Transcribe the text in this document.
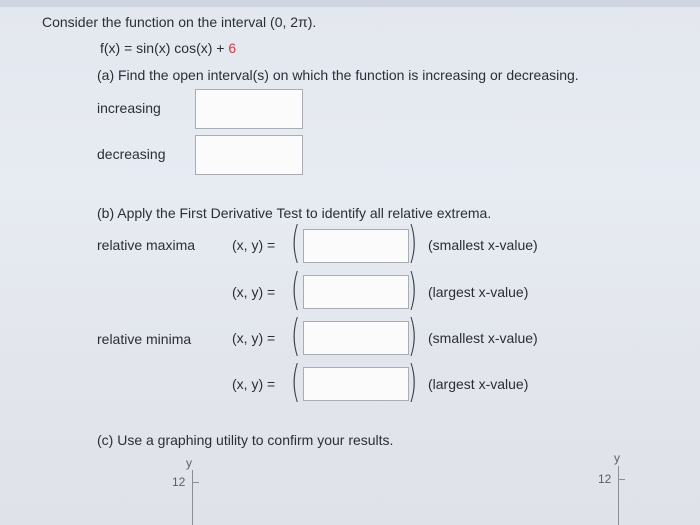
Consider the function on the interval (0, 2π).
f(x) = sin(x) cos(x) + 6
(a) Find the open interval(s) on which the function is increasing or decreasing.
increasing
decreasing
(b) Apply the First Derivative Test to identify all relative extrema.
relative maxima	(x, y) = ( ) (smallest x-value)
(x, y) = ( ) (largest x-value)
relative minima	(x, y) = ( ) (smallest x-value)
(x, y) = ( ) (largest x-value)
(c) Use a graphing utility to confirm your results.
y
12
y
12
